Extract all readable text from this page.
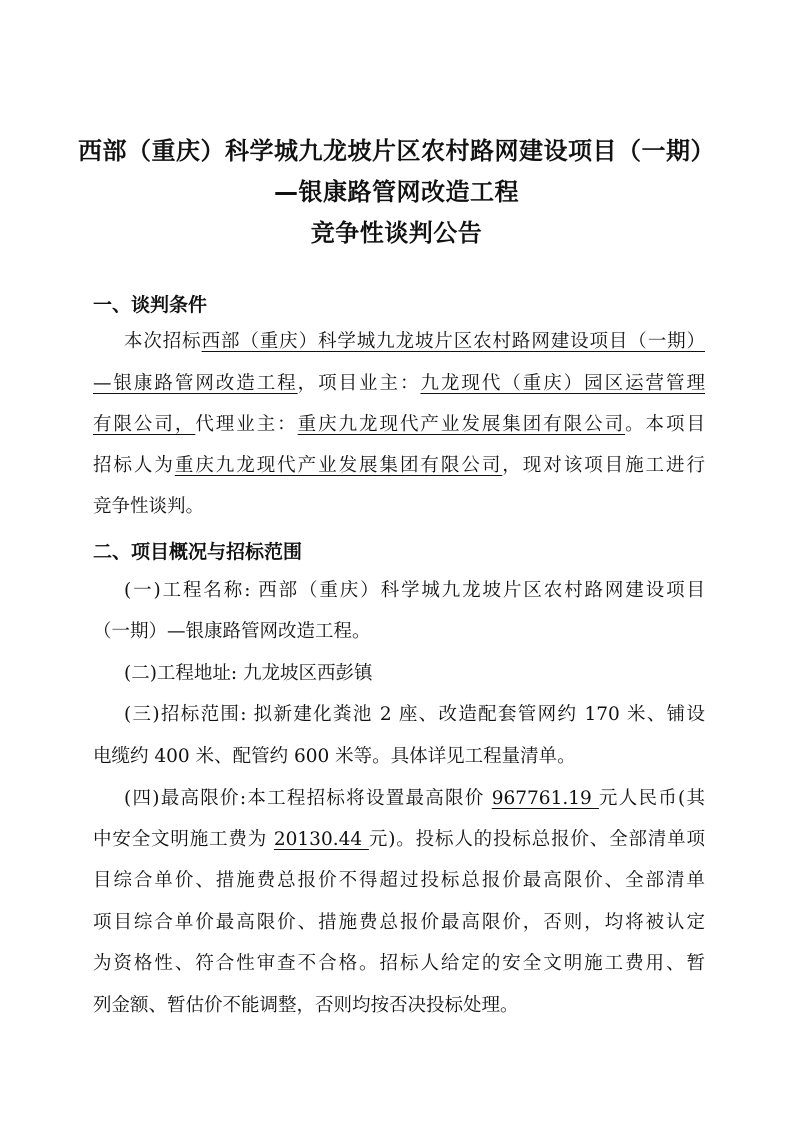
西部（重庆）科学城九龙坡片区农村路网建设项目（一期）
—银康路管网改造工程
竞争性谈判公告
一、谈判条件
本次招标西部（重庆）科学城九龙坡片区农村路网建设项目（一期）
—银康路管网改造工程，项目业主：九龙现代（重庆）园区运营管理
有限公司，代理业主：重庆九龙现代产业发展集团有限公司。本项目
招标人为重庆九龙现代产业发展集团有限公司，现对该项目施工进行
竞争性谈判。
二、项目概况与招标范围
(一)工程名称: 西部（重庆）科学城九龙坡片区农村路网建设项目
（一期）—银康路管网改造工程。
(二)工程地址: 九龙坡区西彭镇
(三)招标范围: 拟新建化粪池 2 座、改造配套管网约 170 米、铺设
电缆约 400 米、配管约 600 米等。具体详见工程量清单。
(四)最高限价:本工程招标将设置最高限价 967761.19 元人民币(其
中安全文明施工费为 20130.44 元)。投标人的投标总报价、全部清单项
目综合单价、措施费总报价不得超过投标总报价最高限价、全部清单
项目综合单价最高限价、措施费总报价最高限价，否则，均将被认定
为资格性、符合性审查不合格。招标人给定的安全文明施工费用、暂
列金额、暂估价不能调整，否则均按否决投标处理。
